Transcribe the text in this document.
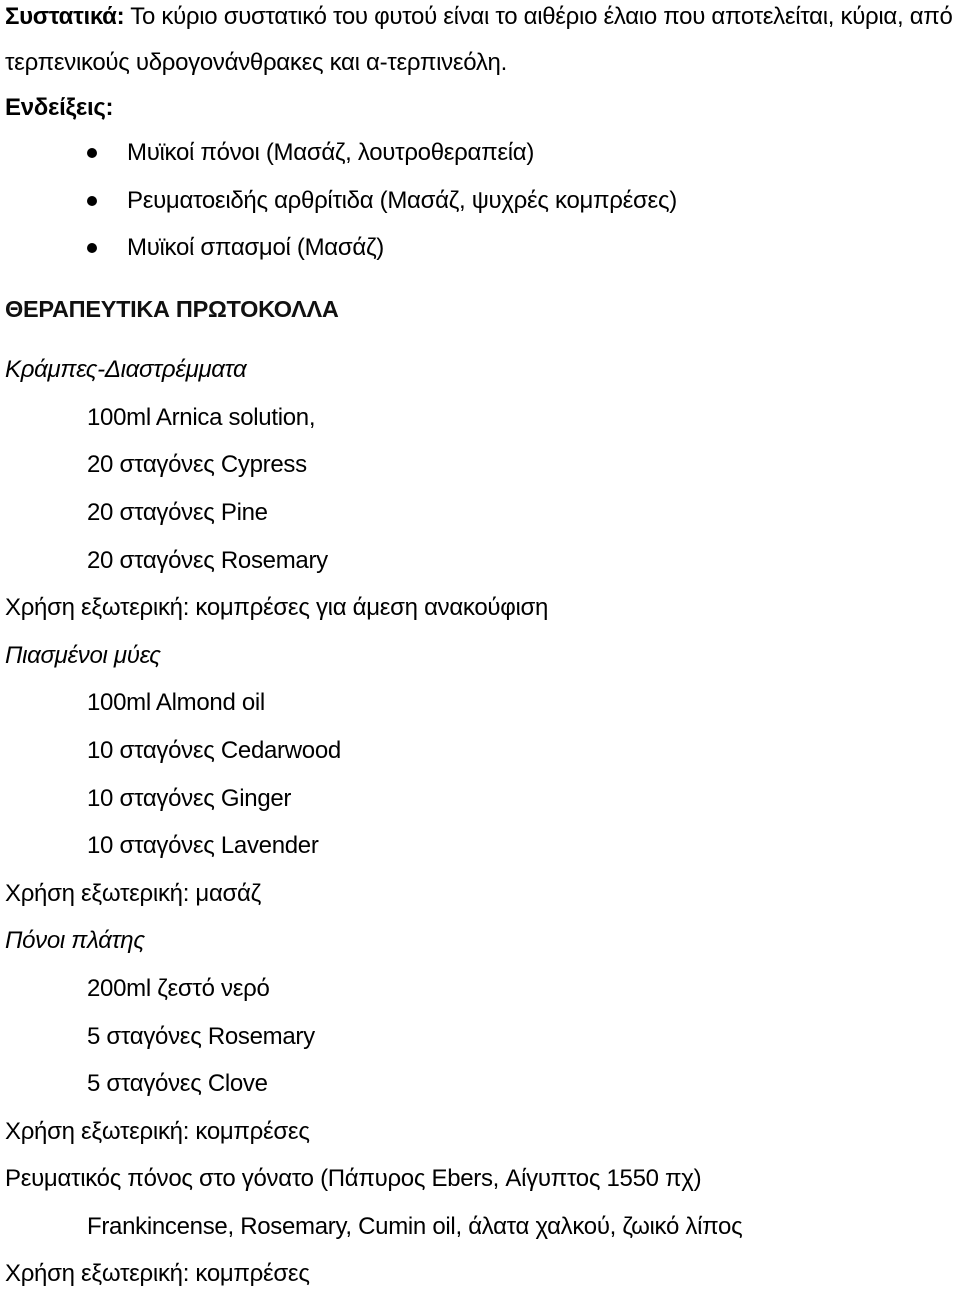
Συστατικά: Το κύριο συστατικό του φυτού είναι το αιθέριο έλαιο που αποτελείται, κύρια, από
τερπενικούς υδρογονάνθρακες και α-τερπινεόλη.
Ενδείξεις:
Μυϊκοί πόνοι (Μασάζ, λουτροθεραπεία)
Ρευματοειδής αρθρίτιδα (Μασάζ, ψυχρές κομπρέσες)
Μυϊκοί σπασμοί (Μασάζ)
ΘΕΡΑΠΕΥΤΙΚΑ ΠΡΩΤΟΚΟΛΛΑ
Κράμπες-Διαστρέμματα
100ml Arnica solution,
20 σταγόνες Cypress
20 σταγόνες Pine
20 σταγόνες Rosemary
Χρήση εξωτερική: κομπρέσες για άμεση ανακούφιση
Πιασμένοι μύες
100ml Almond oil
10 σταγόνες Cedarwood
10 σταγόνες Ginger
10 σταγόνες Lavender
Χρήση εξωτερική: μασάζ
Πόνοι πλάτης
200ml ζεστό νερό
5 σταγόνες Rosemary
5 σταγόνες Clove
Χρήση εξωτερική: κομπρέσες
Ρευματικός πόνος στο γόνατο (Πάπυρος Ebers, Αίγυπτος 1550 πχ)
Frankincense, Rosemary, Cumin oil, άλατα χαλκού, ζωικό λίπος
Χρήση εξωτερική: κομπρέσες
